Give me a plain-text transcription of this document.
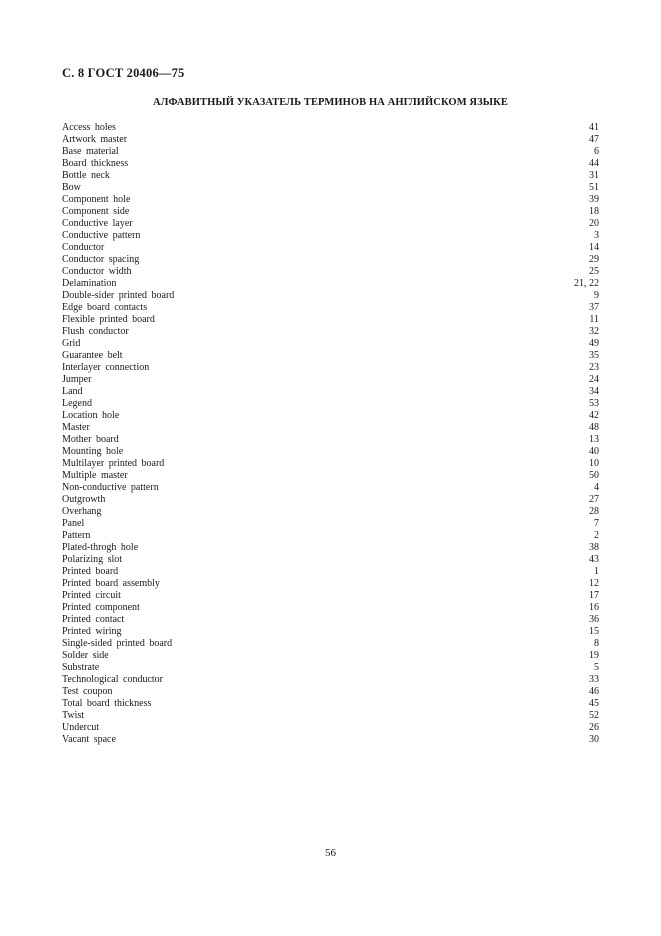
С. 8 ГОСТ 20406—75
АЛФАВИТНЫЙ УКАЗАТЕЛЬ ТЕРМИНОВ НА АНГЛИЙСКОМ ЯЗЫКЕ
Access holes	41
Artwork master	47
Base material	6
Board thickness	44
Bottle neck	31
Bow	51
Component hole	39
Component side	18
Conductive layer	20
Conductive pattern	3
Conductor	14
Conductor spacing	29
Conductor width	25
Delamination	21, 22
Double-sider printed board	9
Edge board contacts	37
Flexible printed board	11
Flush conductor	32
Grid	49
Guarantee belt	35
Interlayer connection	23
Jumper	24
Land	34
Legend	53
Location hole	42
Master	48
Mother board	13
Mounting hole	40
Multilayer printed board	10
Multiple master	50
Non-conductive pattern	4
Outgrowth	27
Overhang	28
Panel	7
Pattern	2
Plated-throgh hole	38
Polarizing slot	43
Printed board	1
Printed board assembly	12
Printed circuit	17
Printed component	16
Printed contact	36
Printed wiring	15
Single-sided printed board	8
Solder side	19
Substrate	5
Technological conductor	33
Test coupon	46
Total board thickness	45
Twist	52
Undercut	26
Vacant space	30
56
